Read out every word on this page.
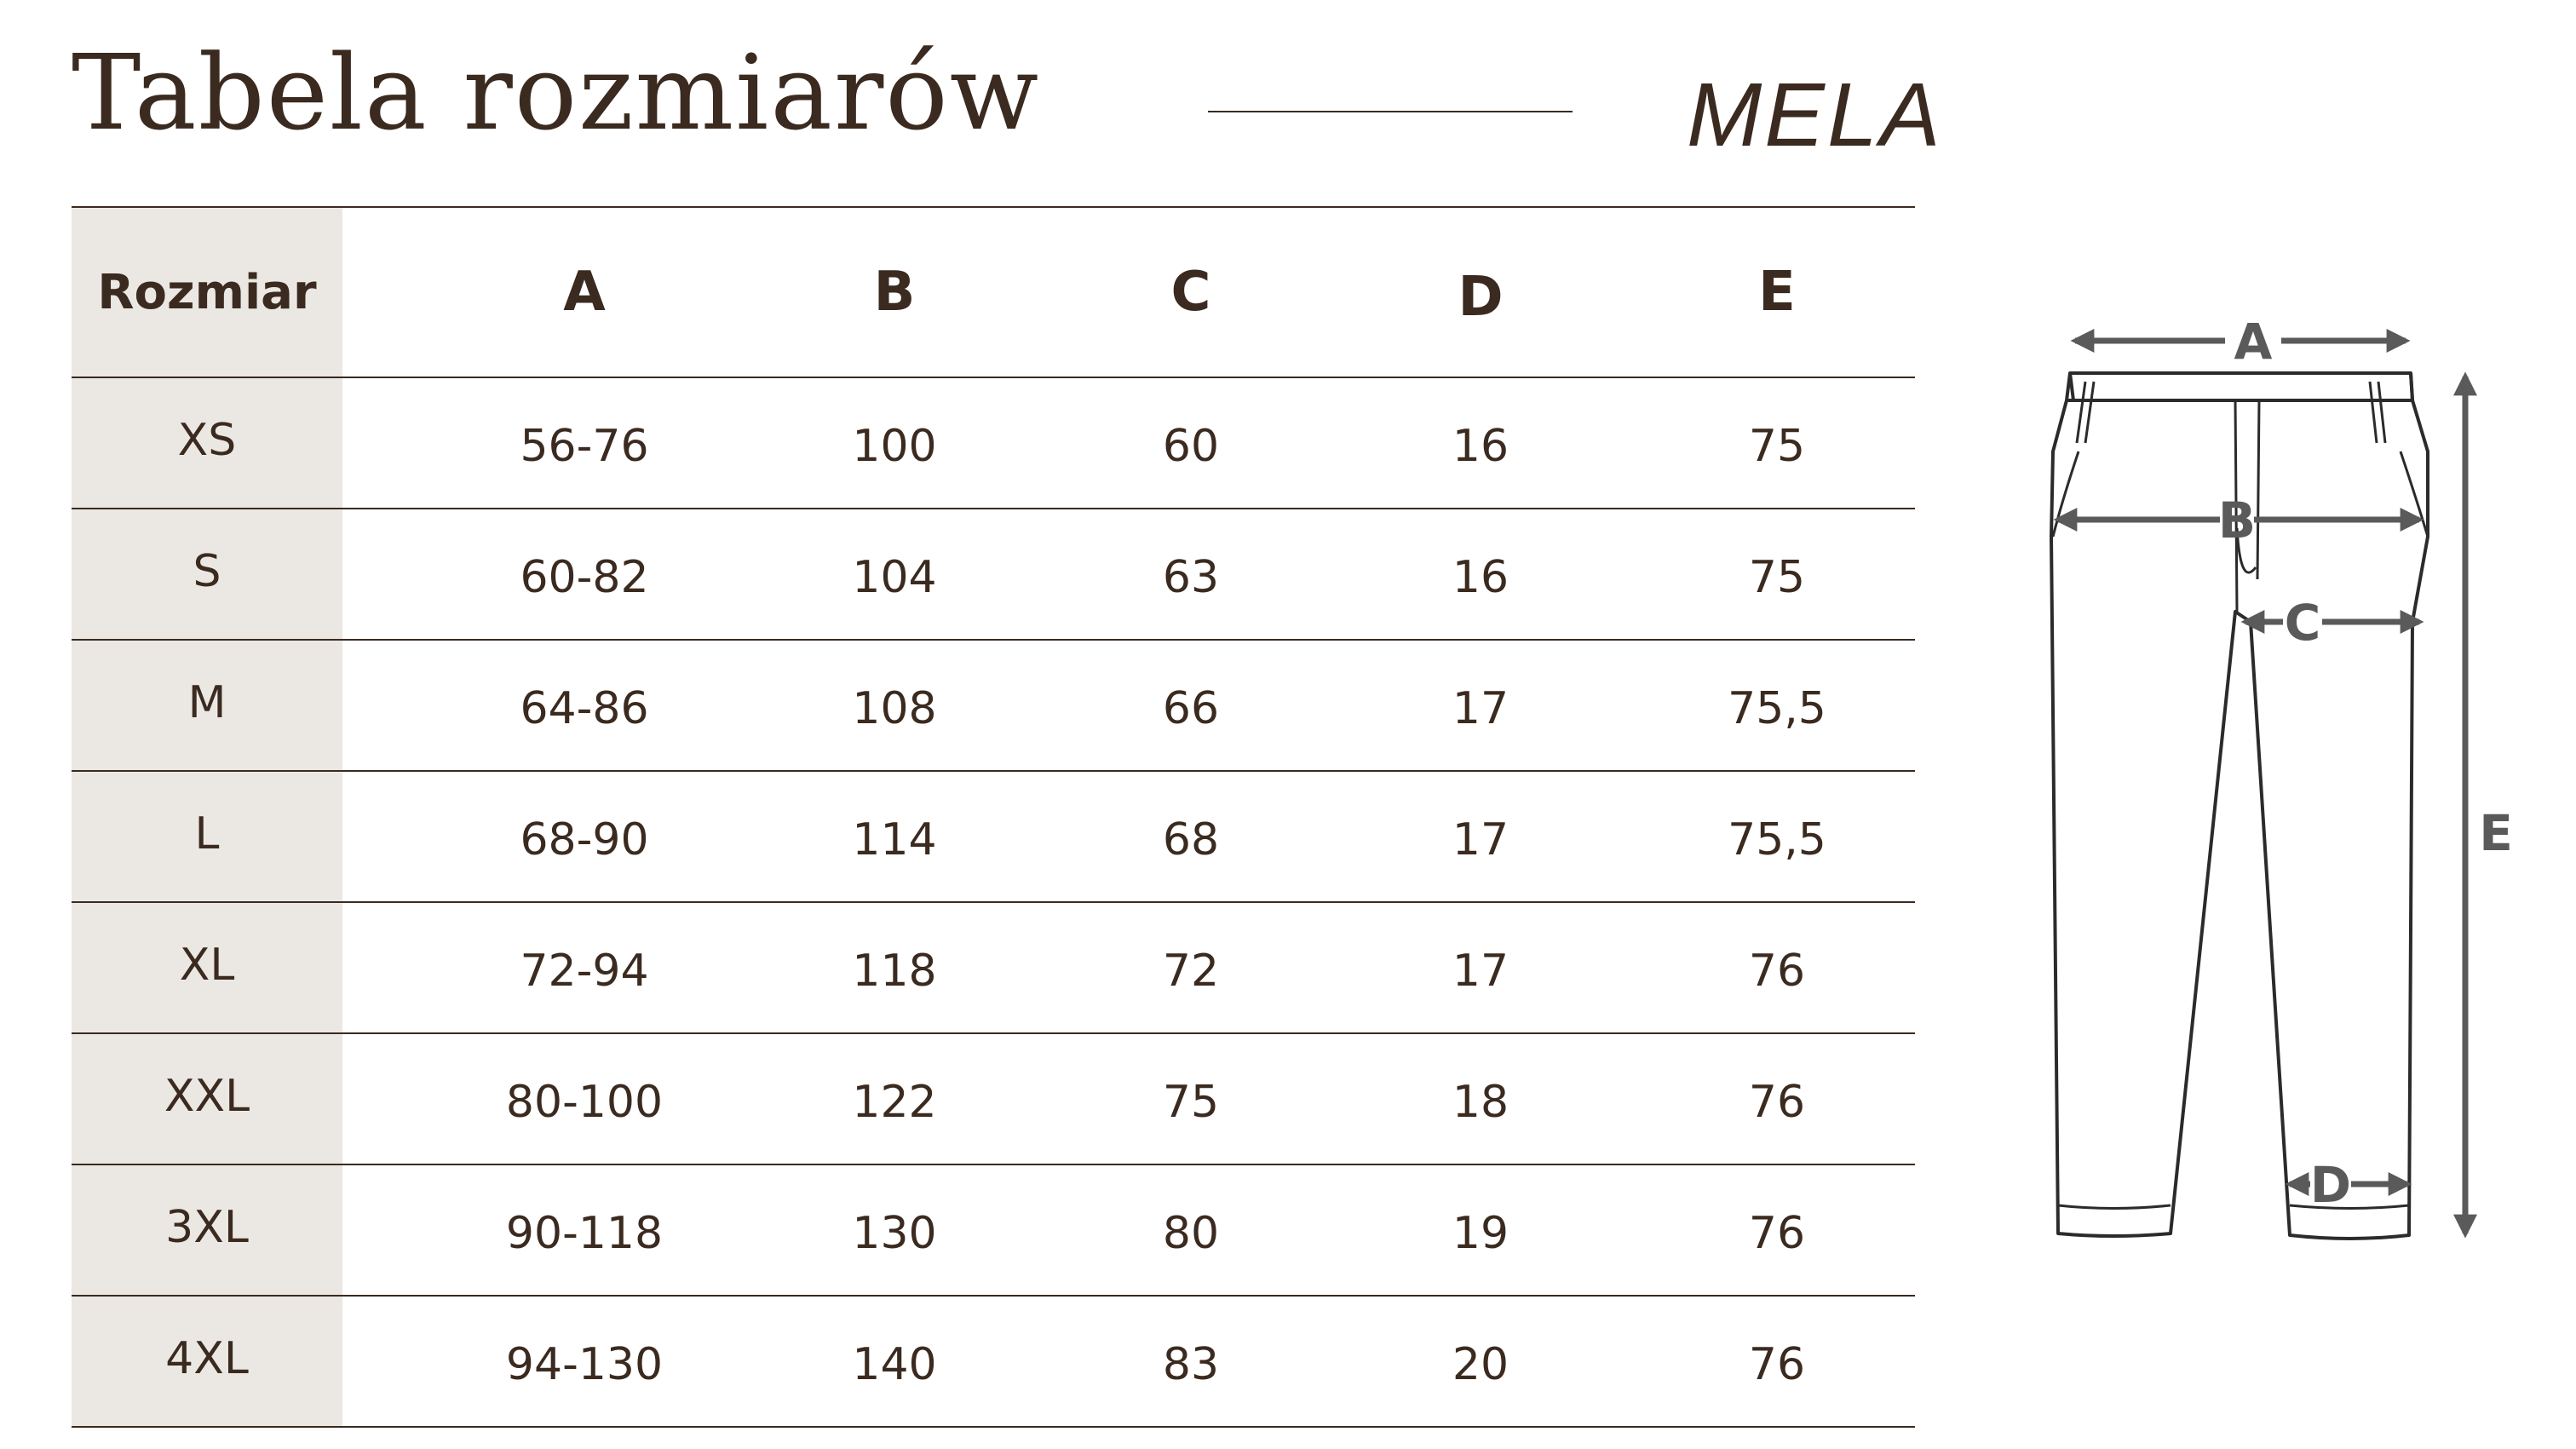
Tabela rozmiarów	MELA
Rozmiar	A	B	C	D	E
XS	56-76	100	60	16	75
S	60-82	104	63	16	75
M	64-86	108	66	17	75,5
L	68-90	114	68	17	75,5
XL	72-94	118	72	17	76
XXL	80-100	122	75	18	76
3XL	90-118	130	80	19	76
4XL	94-130	140	83	20	76
A
B
C
D
E
